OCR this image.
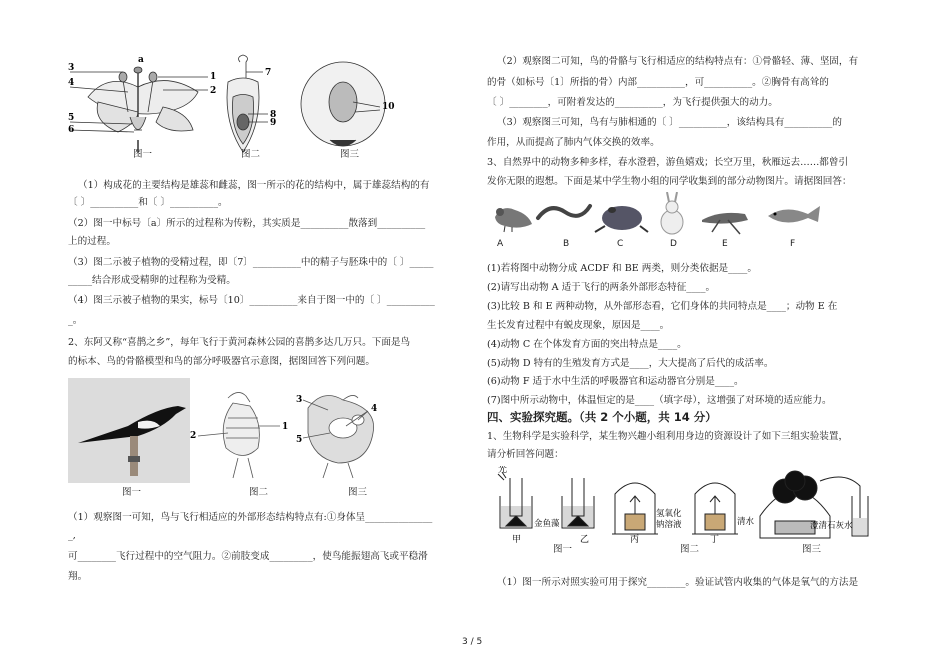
a
1
2
3
4
5
6
7
8
9
10
图一	图二	图三
（1）构成花的主要结构是雄蕊和雌蕊，图一所示的花的结构中，属于雄蕊结构的有
〔 〕__________和〔 〕__________。
（2）图一中标号〔a〕所示的过程称为传粉，其实质是__________散落到__________
上的过程。
（3）图二示被子植物的受精过程，即〔7〕__________中的精子与胚珠中的〔 〕_____
_____结合形成受精卵的过程称为受精。
（4）图三示被子植物的果实，标号〔10〕__________来自于图一中的〔 〕__________
_。
2、东阿又称“喜鹊之乡”，每年飞行于黄河森林公园的喜鹊多达几万只。下面是鸟
的标本、鸟的骨骼模型和鸟的部分呼吸器官示意图，据图回答下列问题。
1
2
3
4
5
图一	图二	图三
（1）观察图一可知，鸟与飞行相适应的外部形态结构特点有:①身体呈______________
_,
可________飞行过程中的空气阻力。②前肢变成_________，使鸟能振翅高飞或平稳滑
翔。
（2）观察图二可知，鸟的骨骼与飞行相适应的结构特点有：①骨骼轻、薄、坚固，有
的骨（如标号〔1〕所指的骨）内部__________，可__________。②胸骨有高耸的
〔 〕________，可附着发达的__________，为飞行提供强大的动力。
（3）观察图三可知，鸟有与肺相通的〔 〕__________，该结构具有__________的
作用，从而提高了肺内气体交换的效率。
3、自然界中的动物多种多样，春水澄碧，游鱼嬉戏；长空万里，秋雁远去……都曾引
发你无限的遐想。下面是某中学生物小组的同学收集到的部分动物图片。请据图回答：
A	B	C	D	E	F
(1)若将图中动物分成 ACDF 和 BE 两类，则分类依据是____。
(2)请写出动物 A 适于飞行的两条外部形态特征____。
(3)比较 B 和 E 两种动物，从外部形态看，它们身体的共同特点是____；动物 E 在
生长发育过程中有蜕皮现象，原因是____。
(4)动物 C 在个体发育方面的突出特点是____。
(5)动物 D 特有的生殖发育方式是____，大大提高了后代的成活率。
(6)动物 F 适于水中生活的呼吸器官和运动器官分别是____。
(7)图中所示动物中，体温恒定的是____（填字母），这增强了对环境的适应能力。
四、实验探究题。（共 2 个小题，共 14 分）
1、生物科学是实验科学，某生物兴趣小组利用身边的资源设计了如下三组实验装置，
请分析回答问题：
光
金鱼藻
氢氧化
钠溶液	清水	澄清石灰水
甲	乙	丙	丁
图一	图二	图三
（1）图一所示对照实验可用于探究________。验证试管内收集的气体是氧气的方法是
3 / 5
